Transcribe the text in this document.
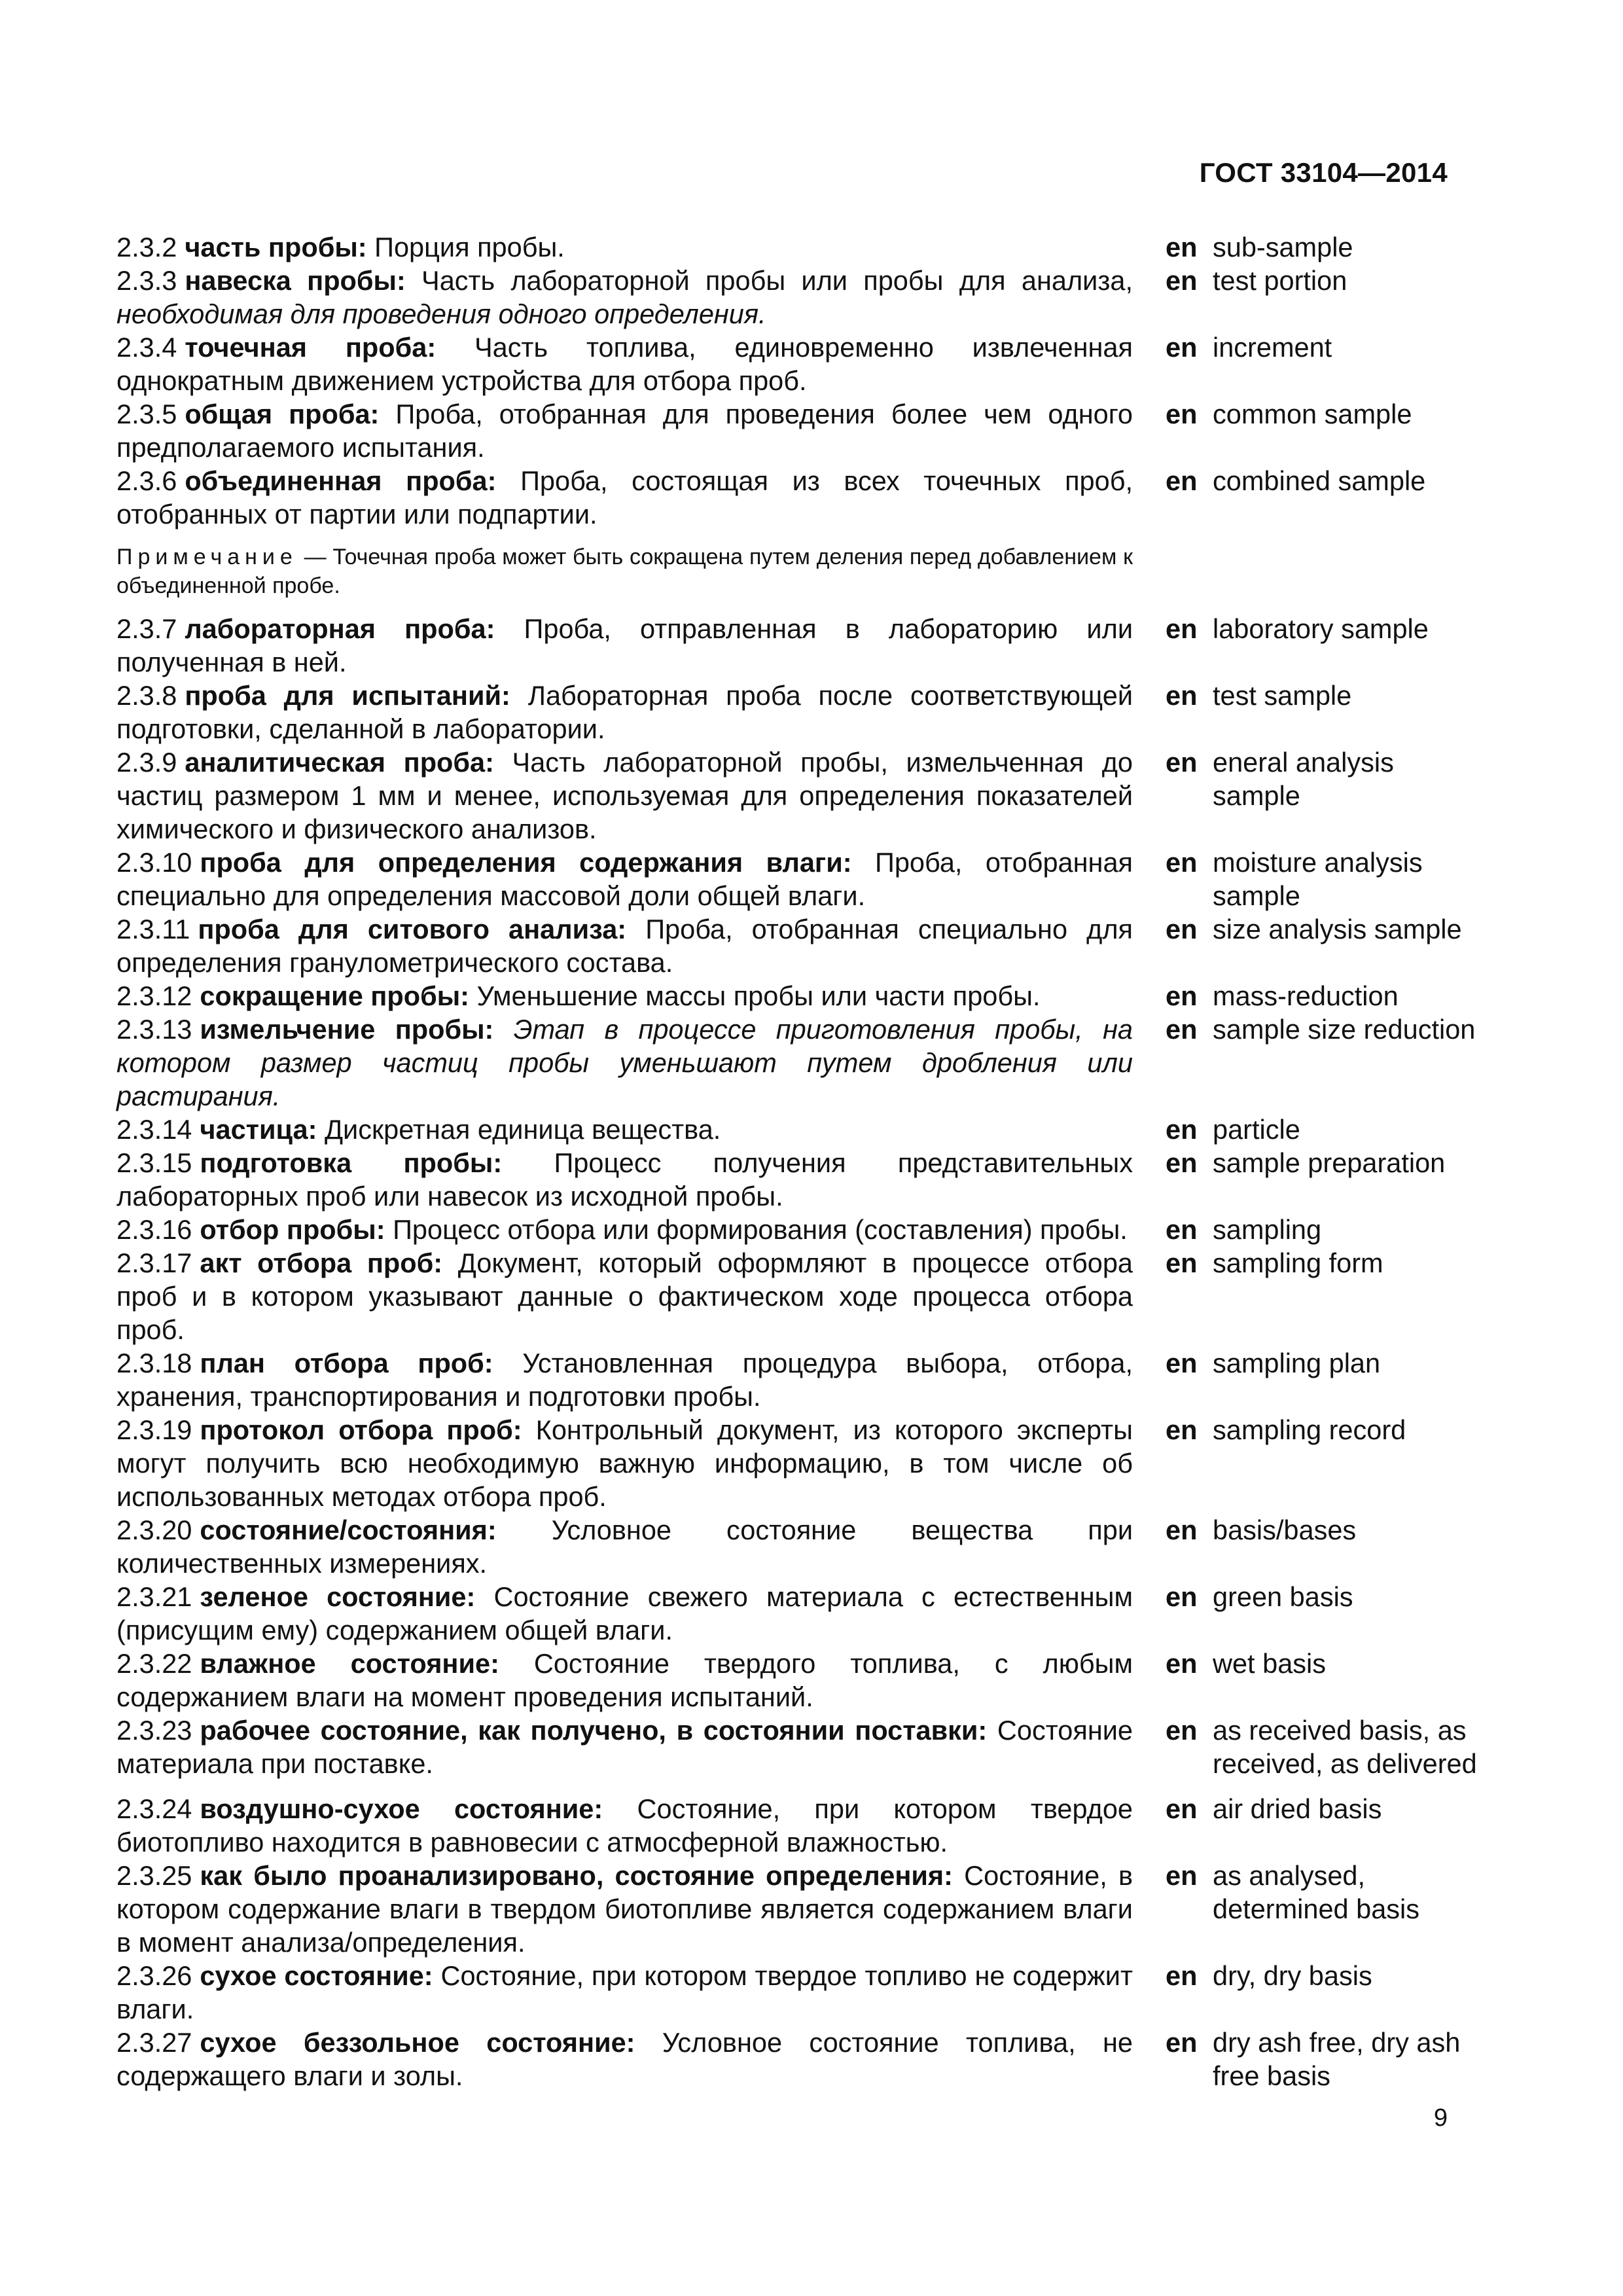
ГОСТ 33104—2014
2.3.2 часть пробы: Порция пробы.	en sub-sample
2.3.3 навеска пробы: Часть лабораторной пробы или пробы для анализа, необходимая для проведения одного определения.
en test portion
2.3.4 точечная проба: Часть топлива, единовременно извлеченная однократным движением устройства для отбора проб.
en increment
2.3.5 общая проба: Проба, отобранная для проведения более чем одного предполагаемого испытания.
en common sample
2.3.6 объединенная проба: Проба, состоящая из всех точечных проб, отобранных от партии или подпартии.
en combined sample
Примечание — Точечная проба может быть сокращена путем деления перед добавлением к объединенной пробе.
2.3.7 лабораторная проба: Проба, отправленная в лабораторию или полученная в ней.
en laboratory sample
2.3.8 проба для испытаний: Лабораторная проба после соответствующей подготовки, сделанной в лаборатории.
en test sample
2.3.9 аналитическая проба: Часть лабораторной пробы, измельченная до частиц размером 1 мм и менее, используемая для определения показателей химического и физического анализов.
en eneral analysis sample
2.3.10 проба для определения содержания влаги: Проба, отобранная специально для определения массовой доли общей влаги.
en moisture analysis sample
2.3.11 проба для ситового анализа: Проба, отобранная специально для определения гранулометрического состава.
en size analysis sample
2.3.12 сокращение пробы: Уменьшение массы пробы или части пробы.	en mass-reduction
2.3.13 измельчение пробы: Этап в процессе приготовления пробы, на котором размер частиц пробы уменьшают путем дробления или растирания.
en sample size reduction
2.3.14 частица: Дискретная единица вещества.	en particle
2.3.15 подготовка пробы: Процесс получения представительных лабораторных проб или навесок из исходной пробы.
en sample preparation
2.3.16 отбор пробы: Процесс отбора или формирования (составления) пробы. en sampling
2.3.17 акт отбора проб: Документ, который оформляют в процессе отбора проб и в котором указывают данные о фактическом ходе процесса отбора проб.
en sampling form
2.3.18 план отбора проб: Установленная процедура выбора, отбора, хранения, транспортирования и подготовки пробы.
en sampling plan
2.3.19 протокол отбора проб: Контрольный документ, из которого эксперты могут получить всю необходимую важную информацию, в том числе об использованных методах отбора проб.
en sampling record
2.3.20 состояние/состояния: Условное состояние вещества при количественных измерениях.
en basis/bases
2.3.21 зеленое состояние: Состояние свежего материала с естественным (присущим ему) содержанием общей влаги.
en green basis
2.3.22 влажное состояние: Состояние твердого топлива, с любым содержанием влаги на момент проведения испытаний.
en wet basis
2.3.23 рабочее состояние, как получено, в состоянии поставки: Состояние материала при поставке.
en as received basis, as received, as delivered
2.3.24 воздушно-сухое состояние: Состояние, при котором твердое биотопливо находится в равновесии с атмосферной влажностью.
en air dried basis
2.3.25 как было проанализировано, состояние определения: Состояние, в котором содержание влаги в твердом биотопливе является содержанием влаги в момент анализа/определения.
en as analysed, determined basis
2.3.26 сухое состояние: Состояние, при котором твердое топливо не содержит влаги.
en dry, dry basis
2.3.27 сухое беззольное состояние: Условное состояние топлива, не содержащего влаги и золы.
en dry ash free, dry ash free basis
9
